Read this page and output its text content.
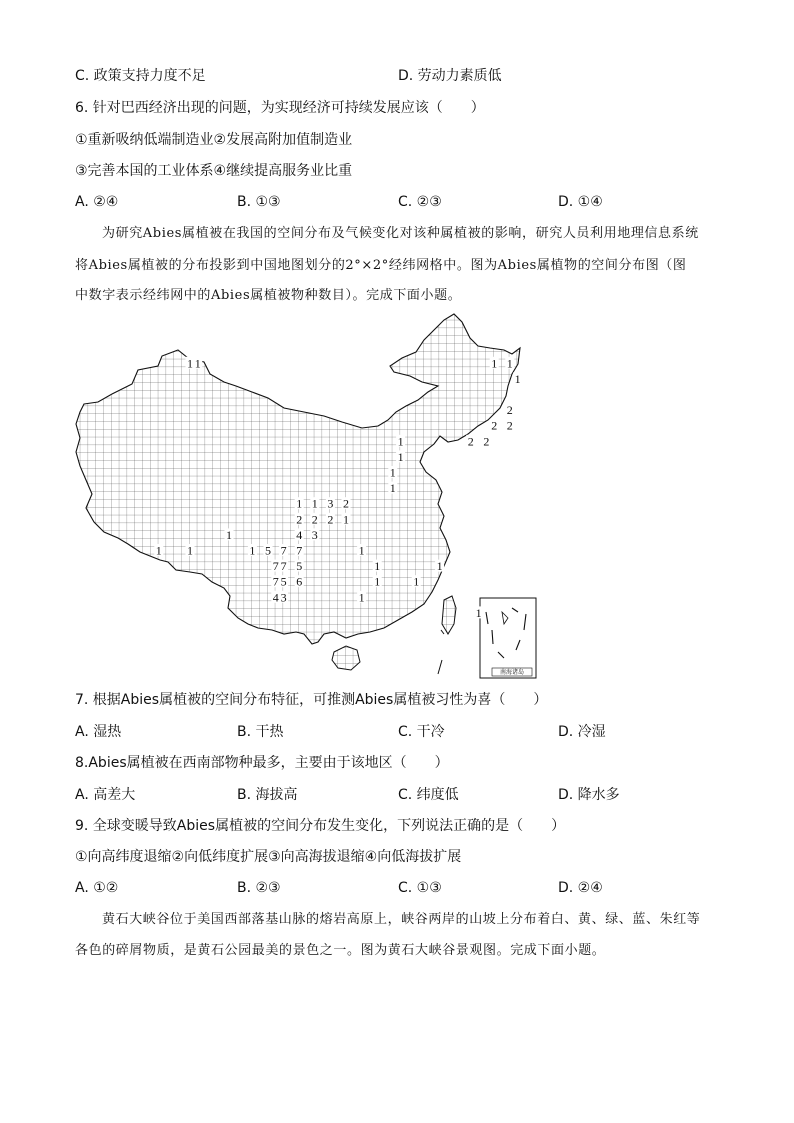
C. 政策支持力度不足	D. 劳动力素质低
6. 针对巴西经济出现的问题，为实现经济可持续发展应该（　　）
①重新吸纳低端制造业②发展高附加值制造业
③完善本国的工业体系④继续提高服务业比重
A. ②④	B. ①③	C. ②③	D. ①④
为研究Abies属植被在我国的空间分布及气候变化对该种属植被的影响，研究人员利用地理信息系统
将Abies属植被的分布投影到中国地图划分的2°×2°经纬网格中。图为Abies属植物的空间分布图（图
中数字表示经纬网中的Abies属植被物种数目）。完成下面小题。
南海诸岛
1 1	1 1
1
2
2 2
2 2
1
1
1
1
1 1 3 2
2 2 2 1
1	4 3
1 1	1 5 7 7	1
7 7 5	1	1
7 5 6	1	1
4 3	1
1
7. 根据Abies属植被的空间分布特征，可推测Abies属植被习性为喜（　　）
A. 湿热	B. 干热	C. 干冷	D. 冷湿
8.Abies属植被在西南部物种最多，主要由于该地区（　　）
A. 高差大	B. 海拔高	C. 纬度低	D. 降水多
9. 全球变暖导致Abies属植被的空间分布发生变化，下列说法正确的是（　　）
①向高纬度退缩②向低纬度扩展③向高海拔退缩④向低海拔扩展
A. ①②	B. ②③	C. ①③	D. ②④
黄石大峡谷位于美国西部落基山脉的熔岩高原上，峡谷两岸的山坡上分布着白、黄、绿、蓝、朱红等
各色的碎屑物质，是黄石公园最美的景色之一。图为黄石大峡谷景观图。完成下面小题。
